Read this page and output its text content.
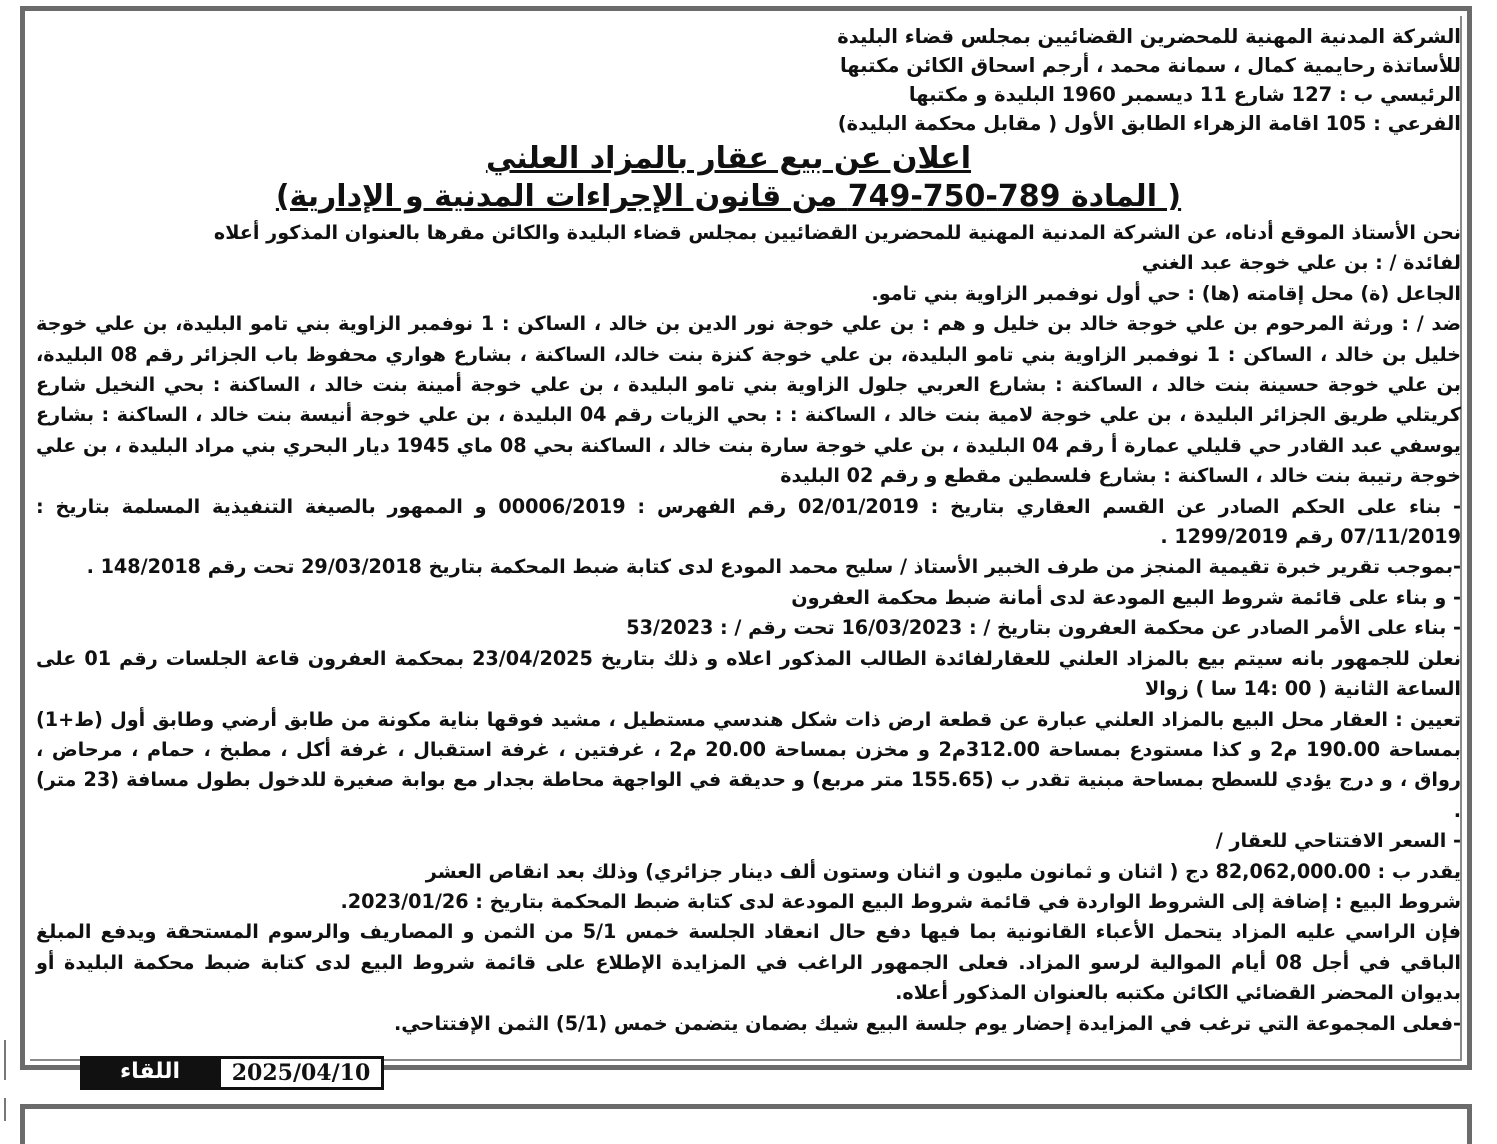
الشركة المدنية المهنية للمحضرين القضائيين بمجلس قضاء البليدة
للأساتذة رحايمية كمال ، سمانة محمد ، أرجم اسحاق الكائن مكتبها
الرئيسي ب : 127 شارع 11 ديسمبر 1960 البليدة و مكتبها
الفرعي : 105 اقامة الزهراء الطابق الأول ( مقابل محكمة البليدة)
اعلان عن بيع عقار بالمزاد العلني
( المادة 789-750-749 من قانون الإجراءات المدنية و الإدارية)

نحن الأستاذ الموقع أدناه، عن الشركة المدنية المهنية للمحضرين القضائيين بمجلس قضاء البليدة والكائن مقرها بالعنوان المذكور أعلاه

لفائدة / : بن علي خوجة عبد الغني

الجاعل (ة) محل إقامته (ها) : حي أول نوفمبر الزاوية بني تامو.

ضد / : ورثة المرحوم بن علي خوجة خالد بن خليل و هم : بن علي خوجة نور الدين بن خالد ، الساكن : 1 نوفمبر الزاوية بني تامو البليدة، بن علي خوجة خليل بن خالد ، الساكن : 1 نوفمبر الزاوية بني تامو البليدة، بن علي خوجة كنزة بنت خالد، الساكنة ، بشارع هواري محفوظ باب الجزائر رقم 08 البليدة، بن علي خوجة حسينة بنت خالد ، الساكنة : بشارع العربي جلول الزاوية بني تامو البليدة ، بن علي خوجة أمينة بنت خالد ، الساكنة : بحي النخيل شارع كريتلي طريق الجزائر البليدة ، بن علي خوجة لامية بنت خالد ، الساكنة : : بحي الزيات رقم 04 البليدة ، بن علي خوجة أنيسة بنت خالد ، الساكنة : بشارع يوسفي عبد القادر حي قليلي عمارة أ رقم 04 البليدة ، بن علي خوجة سارة بنت خالد ، الساكنة بحي 08 ماي 1945 ديار البحري بني مراد البليدة ، بن علي خوجة رتيبة بنت خالد ، الساكنة : بشارع فلسطين مقطع و رقم 02 البليدة

- بناء على الحكم الصادر عن القسم العقاري بتاريخ : 02/01/2019 رقم الفهرس : 00006/2019 و الممهور بالصيغة التنفيذية المسلمة بتاريخ : 07/11/2019 رقم 1299/2019 .

-بموجب تقرير خبرة تقيمية المنجز من طرف الخبير الأستاذ / سليح محمد المودع لدى كتابة ضبط المحكمة بتاريخ 29/03/2018 تحت رقم 148/2018 .

- و بناء على قائمة شروط البيع المودعة لدى أمانة ضبط محكمة العفرون

- بناء على الأمر الصادر عن محكمة العفرون بتاريخ / : 16/03/2023 تحت رقم / : 53/2023

نعلن للجمهور بانه سيتم بيع بالمزاد العلني للعقارلفائدة الطالب المذكور اعلاه و ذلك بتاريخ 23/04/2025 بمحكمة العفرون قاعة الجلسات رقم 01 على الساعة الثانية ( 00 :14 سا ) زوالا

تعيين : العقار محل البيع بالمزاد العلني عبارة عن قطعة ارض ذات شكل هندسي مستطيل ، مشيد فوقها بناية مكونة من طابق أرضي وطابق أول (ط+1) بمساحة 190.00 م2 و كذا مستودع بمساحة 312.00م2 و مخزن بمساحة 20.00 م2 ، غرفتين ، غرفة استقبال ، غرفة أكل ، مطبخ ، حمام ، مرحاض ، رواق ، و درج يؤدي للسطح بمساحة مبنية تقدر ب (155.65 متر مربع) و حديقة في الواجهة محاطة بجدار مع بوابة صغيرة للدخول بطول مسافة (23 متر) .

- السعر الافتتاحي للعقار /

يقدر ب : 82,062,000.00 دج ( اثنان و ثمانون مليون و اثنان وستون ألف دينار جزائري) وذلك بعد انقاص العشر

شروط البيع : إضافة إلى الشروط الواردة في قائمة شروط البيع المودعة لدى كتابة ضبط المحكمة بتاريخ : 2023/01/26.

فإن الراسي عليه المزاد يتحمل الأعباء القانونية بما فيها دفع حال انعقاد الجلسة خمس 5/1 من الثمن و المصاريف والرسوم المستحقة ويدفع المبلغ الباقي في أجل 08 أيام الموالية لرسو المزاد. فعلى الجمهور الراغب في المزايدة الإطلاع على قائمة شروط البيع لدى كتابة ضبط محكمة البليدة أو بديوان المحضر القضائي الكائن مكتبه بالعنوان المذكور أعلاه.

-فعلى المجموعة التي ترغب في المزايدة إحضار يوم جلسة البيع شيك بضمان يتضمن خمس (5/1) الثمن الإفتتاحي.

اللقاء	2025/04/10
